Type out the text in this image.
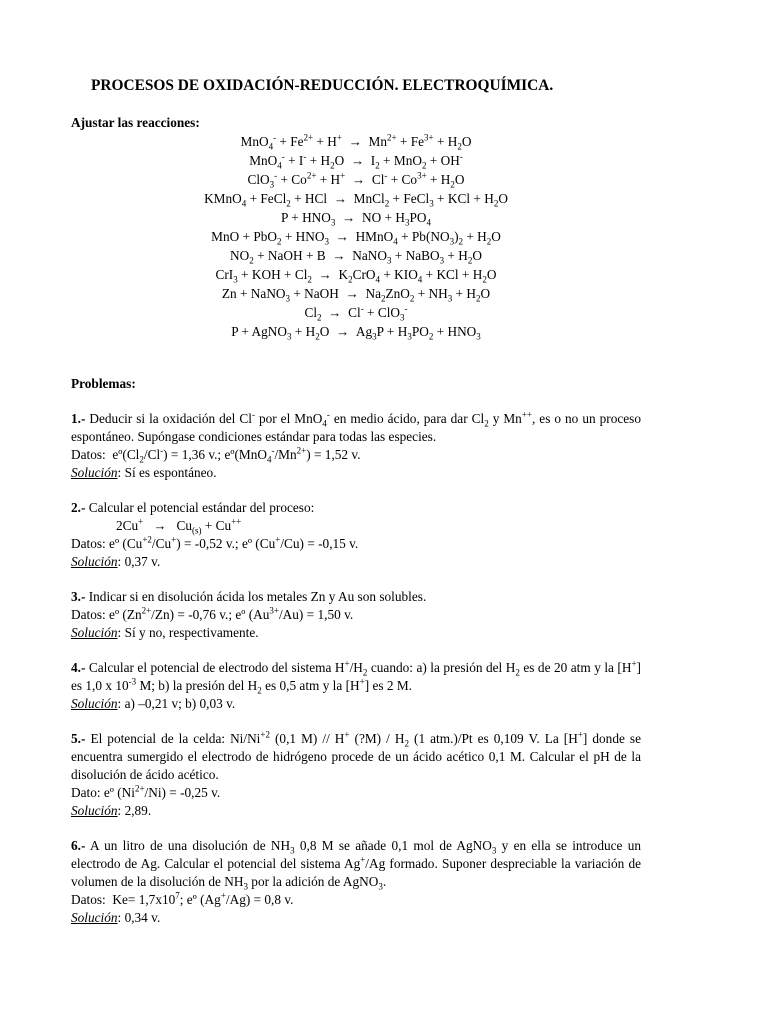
PROCESOS DE OXIDACIÓN-REDUCCIÓN. ELECTROQUÍMICA.
Ajustar las reacciones:
$MnO_4^- + Fe^{2+} + H^+ \to Mn^{2+} + Fe^{3+} + H_2O$
$MnO_4^- + I^- + H_2O \to I_2 + MnO_2 + OH^-$
$ClO_3^- + Co^{2+} + H^+ \to Cl^- + Co^{3+} + H_2O$
KMnO$_4$ + FeCl$_2$ + HCl  →  MnCl$_2$ + FeCl$_3$ + KCl + $H_2O$
$P + HNO_3$  →  NO + $H_3PO_4$
MnO + $PbO_2 + HNO_3$  →  HMnO$_4$ + $Pb(NO_3)_2 + H_2O$
$NO_2$ + NaOH + B  →  NaNO$_3$ + NaBO$_3$ + $H_2O$
CrI$_3$ + KOH + $Cl_2 \to K_2CrO_4 + KIO_4$ + KCl + $H_2O$
Zn + NaNO$_3$ + NaOH  →  $Na_2ZnO_2 + NH_3 + H_2O$
$Cl_2 \to Cl^- + ClO_3^-$
P + AgNO$_3$ + $H_2O \to Ag_3P + H_3PO_2 + HNO_3$
Problemas:

1.- Deducir si la oxidación del Cl- por el MnO$_4$- en medio ácido, para dar $Cl_2$ y Mn++, es o no un proceso espontáneo. Supóngase condiciones estándar para todas las especies.

Datos:  $eº(Cl_2/Cl^-) = 1,36$ v.; $eº(MnO_4^-/Mn^{2+}) = 1,52$ v.

Solución: Sí es espontáneo.

2.- Calcular el potencial estándar del proceso:

$2Cu^+ \to Cu_{(s)} + Cu^{++}$

Datos: eº $(Cu^{+2}/Cu^+) = -0,52$ v.; eº (Cu+/Cu) = -0,15 v.

Solución: 0,37 v.

3.- Indicar si en disolución ácida los metales Zn y Au son solubles.

Datos: eº $(Zn^{2+}/Zn) = -0,76$ v.; eº $(Au^{3+}/Au) = 1,50$ v.

Solución: Sí y no, respectivamente.

4.- Calcular el potencial de electrodo del sistema $H^+/H_2$ cuando: a) la presión del $H_2$ es de 20 atm y la [H+] es 1,0 x $10^{-3}$ M; b) la presión del $H_2$ es 0,5 atm y la [H+] es 2 M.

Solución: a) –0,21 v; b) 0,03 v.

5.- El potencial de la celda: $Ni/Ni^{+2}$ (0,1 M) // H+ (?M) / $H_2$ (1 atm.)/Pt es 0,109 V. La [H+] donde se encuentra sumergido el electrodo de hidrógeno procede de un ácido acético 0,1 M. Calcular el pH de la disolución de ácido acético.

Dato: eº $(Ni^{2+}/Ni) = -0,25$ v.

Solución: 2,89.

6.- A un litro de una disolución de $NH_3$ 0,8 M se añade 0,1 mol de AgNO$_3$ y en ella se introduce un electrodo de Ag. Calcular el potencial del sistema Ag+/Ag formado. Suponer despreciable la variación de volumen de la disolución de $NH_3$ por la adición de AgNO$_3$.

Datos:  $Ke= 1,7x10^7$; eº (Ag+/Ag) = 0,8 v.

Solución: 0,34 v.
